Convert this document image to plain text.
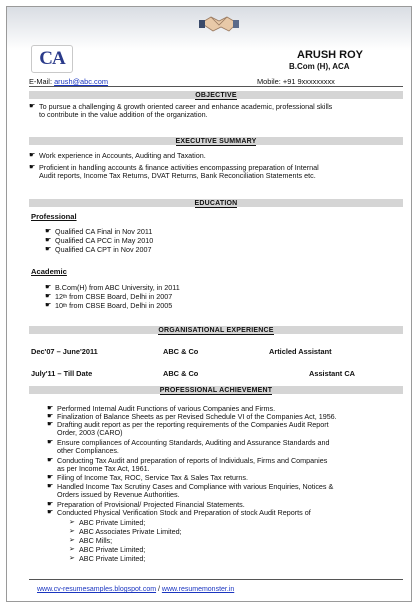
CA	ARUSH ROY
B.Com (H), ACA
E-Mail: arush@abc.com	Mobile: +91 9xxxxxxxxx
OBJECTIVE
☛ To pursue a challenging & growth oriented career and enhance academic, professional skills
to contribute in the value addition of the organization.
EXECUTIVE SUMMARY
☛ Work experience in Accounts, Auditing and Taxation.
☛ Proficient in handling accounts & finance activities encompassing preparation of Internal
Audit reports, Income Tax Returns, DVAT Returns, Bank Reconciliation Statements etc.
EDUCATION
Professional
☛ Qualified CA Final in Nov 2011
☛ Qualified CA PCC in May 2010
☛ Qualified CA CPT in Nov 2007
Academic
☛ B.Com(H) from ABC University, in 2011
☛ 12th from CBSE Board, Delhi in 2007
☛ 10th from CBSE Board, Delhi in 2005
ORGANISATIONAL EXPERIENCE
Dec'07 – June'2011	ABC & Co	Articled Assistant
July'11 – Till Date	ABC & Co	Assistant CA
PROFESSIONAL ACHIEVEMENT
☛ Performed Internal Audit Functions of various Companies and Firms.
☛ Finalization of Balance Sheets as per Revised Schedule VI of the Companies Act, 1956.
☛ Drafting audit report as per the reporting requirements of the Companies Audit Report
Order, 2003 (CARO)
☛ Ensure compliances of Accounting Standards, Auditing and Assurance Standards and
other Compliances.
☛ Conducting Tax Audit and preparation of reports of Individuals, Firms and Companies
as per Income Tax Act, 1961.
☛ Filing of Income Tax, ROC, Service Tax & Sales Tax returns.
☛ Handled Income Tax Scrutiny Cases and Compliance with various Enquiries, Notices &
Orders issued by Revenue Authorities.
☛ Preparation of Provisional/ Projected Financial Statements.
☛ Conducted Physical Verification Stock and Preparation of stock Audit Reports of
➢ ABC Private Limited;
➢ ABC Associates Private Limited;
➢ ABC Mills;
➢ ABC Private Limited;
➢ ABC Private Limited;
www.cv-resumesamples.blogspot.com / www.resumemonster.in
